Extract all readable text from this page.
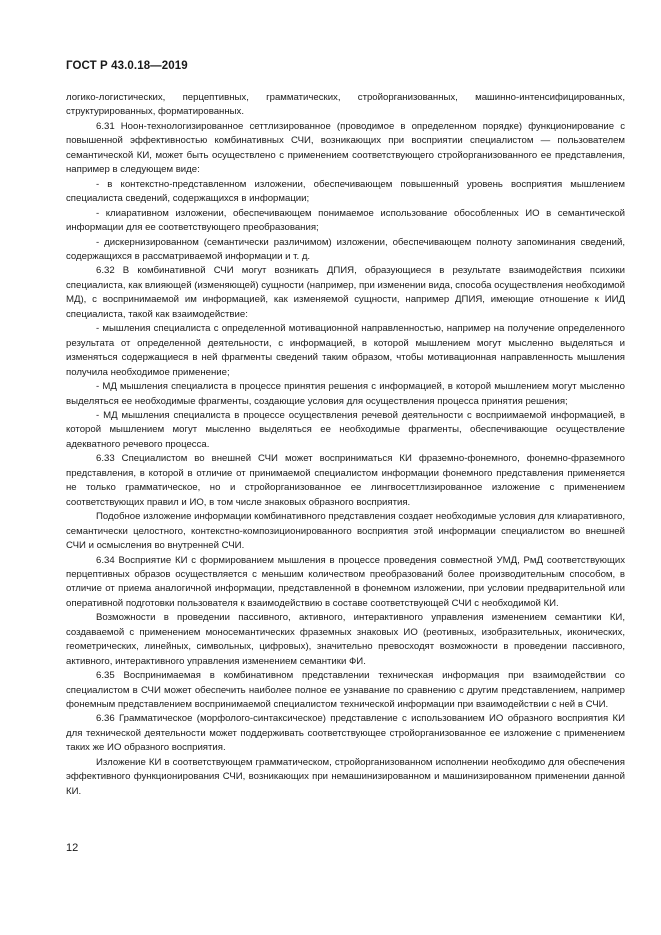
ГОСТ Р 43.0.18—2019

логико-логистических, перцептивных, грамматических, стройорганизованных, машинно-интенсифицированных, структурированных, форматированных.

6.31 Ноон-технологизированное сеттлизированное (проводимое в определенном порядке) функционирование с повышенной эффективностью комбинативных СЧИ, возникающих при восприятии специалистом — пользователем семантической КИ, может быть осуществлено с применением соответствующего стройорганизованного ее представления, например в следующем виде:

- в контекстно-представленном изложении, обеспечивающем повышенный уровень восприятия мышлением специалиста сведений, содержащихся в информации;

- клиаративном изложении, обеспечивающем понимаемое использование обособленных ИО в семантической информации для ее соответствующего преобразования;

- дискернизированном (семантически различимом) изложении, обеспечивающем полноту запоминания сведений, содержащихся в рассматриваемой информации и т. д.

6.32 В комбинативной СЧИ могут возникать ДПИЯ, образующиеся в результате взаимодействия психики специалиста, как влияющей (изменяющей) сущности (например, при изменении вида, способа осуществления необходимой МД), с воспринимаемой им информацией, как изменяемой сущности, например ДПИЯ, имеющие отношение к ИИД специалиста, такой как взаимодействие:

- мышления специалиста с определенной мотивационной направленностью, например на получение определенного результата от определенной деятельности, с информацией, в которой мышлением могут мысленно выделяться и изменяться содержащиеся в ней фрагменты сведений таким образом, чтобы мотивационная направленность мышления получила необходимое применение;

- МД мышления специалиста в процессе принятия решения с информацией, в которой мышлением могут мысленно выделяться ее необходимые фрагменты, создающие условия для осуществления процесса принятия решения;

- МД мышления специалиста в процессе осуществления речевой деятельности с восприимаемой информацией, в которой мышлением могут мысленно выделяться ее необходимые фрагменты, обеспечивающие осуществление адекватного речевого процесса.

6.33 Специалистом во внешней СЧИ может восприниматься КИ фраземно-фонемного, фонемно-фраземного представления, в которой в отличие от принимаемой специалистом информации фонемного представления применяется не только грамматическое, но и стройорганизованное ее лингвосеттлизированное изложение с применением соответствующих правил и ИО, в том числе знаковых образного восприятия.

Подобное изложение информации комбинативного представления создает необходимые условия для клиаративного, семантически целостного, контекстно-композиционированного восприятия этой информации специалистом во внешней СЧИ и осмысления во внутренней СЧИ.

6.34 Восприятие КИ с формированием мышления в процессе проведения совместной УМД, РмД соответствующих перцептивных образов осуществляется с меньшим количеством преобразований более производительным способом, в отличие от приема аналогичной информации, представленной в фонемном изложении, при условии предварительной или оперативной подготовки пользователя к взаимодействию в составе соответствующей СЧИ с необходимой КИ.

Возможности в проведении пассивного, активного, интерактивного управления изменением семантики КИ, создаваемой с применением моносемантических фраземных знаковых ИО (реотивных, изобразительных, иконических, геометрических, линейных, символьных, цифровых), значительно превосходят возможности в проведении пассивного, активного, интерактивного управления изменением семантики ФИ.

6.35 Воспринимаемая в комбинативном представлении техническая информация при взаимодействии со специалистом в СЧИ может обеспечить наиболее полное ее узнавание по сравнению с другим представлением, например фонемным представлением воспринимаемой специалистом технической информации при взаимодействии с ней в СЧИ.

6.36 Грамматическое (морфолого-синтаксическое) представление с использованием ИО образного восприятия КИ для технической деятельности может поддерживать соответствующее стройорганизованное ее изложение с применением таких же ИО образного восприятия.

Изложение КИ в соответствующем грамматическом, стройорганизованном исполнении необходимо для обеспечения эффективного функционирования СЧИ, возникающих при немашинизированном и машинизированном применении данной КИ.

12
